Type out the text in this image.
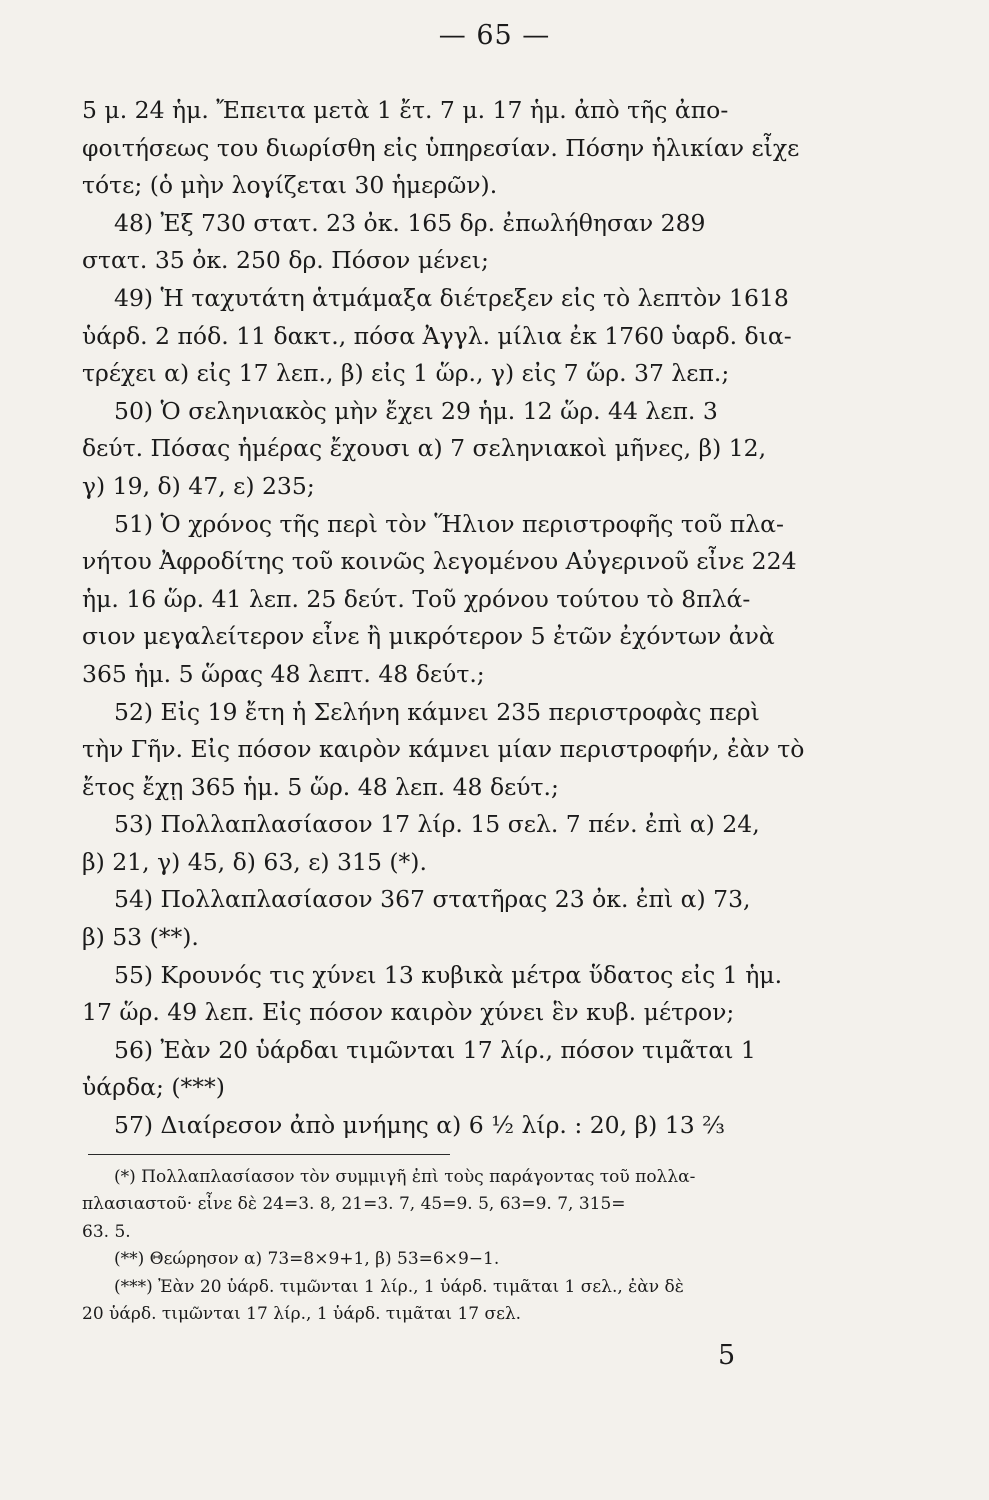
— 65 —
5 μ. 24 ἡμ. Ἔπειτα μετὰ 1 ἔτ. 7 μ. 17 ἡμ. ἀπὸ τῆς ἀπο-
φοιτήσεως του διωρίσθη εἰς ὑπηρεσίαν. Πόσην ἡλικίαν εἶχε
τότε; (ὁ μὴν λογίζεται 30 ἡμερῶν).
48) Ἐξ 730 στατ. 23 ὀκ. 165 δρ. ἐπωλήθησαν 289
στατ. 35 ὀκ. 250 δρ. Πόσον μένει;
49) Ἡ ταχυτάτη ἁτμάμαξα διέτρεξεν εἰς τὸ λεπτὸν 1618
ὑάρδ. 2 πόδ. 11 δακτ., πόσα Ἀγγλ. μίλια ἐκ 1760 ὑαρδ. δια-
τρέχει α) εἰς 17 λεπ., β) εἰς 1 ὥρ., γ) εἰς 7 ὥρ. 37 λεπ.;
50) Ὁ σεληνιακὸς μὴν ἔχει 29 ἡμ. 12 ὥρ. 44 λεπ. 3
δεύτ. Πόσας ἡμέρας ἔχουσι α) 7 σεληνιακοὶ μῆνες, β) 12,
γ) 19, δ) 47, ε) 235;
51) Ὁ χρόνος τῆς περὶ τὸν Ἥλιον περιστροφῆς τοῦ πλα-
νήτου Ἀφροδίτης τοῦ κοινῶς λεγομένου Αὐγερινοῦ εἶνε 224
ἡμ. 16 ὥρ. 41 λεπ. 25 δεύτ. Τοῦ χρόνου τούτου τὸ 8πλά-
σιον μεγαλείτερον εἶνε ἢ μικρότερον 5 ἐτῶν ἐχόντων ἀνὰ
365 ἡμ. 5 ὥρας 48 λεπτ. 48 δεύτ.;
52) Εἰς 19 ἔτη ἡ Σελήνη κάμνει 235 περιστροφὰς περὶ
τὴν Γῆν. Εἰς πόσον καιρὸν κάμνει μίαν περιστροφήν, ἐὰν τὸ
ἔτος ἔχῃ 365 ἡμ. 5 ὥρ. 48 λεπ. 48 δεύτ.;
53) Πολλαπλασίασον 17 λίρ. 15 σελ. 7 πέν. ἐπὶ α) 24,
β) 21, γ) 45, δ) 63, ε) 315 (*).
54) Πολλαπλασίασον 367 στατῆρας 23 ὀκ. ἐπὶ α) 73,
β) 53 (**).
55) Κρουνός τις χύνει 13 κυβικὰ μέτρα ὕδατος εἰς 1 ἡμ.
17 ὥρ. 49 λεπ. Εἰς πόσον καιρὸν χύνει ἓν κυβ. μέτρον;
56) Ἐὰν 20 ὑάρδαι τιμῶνται 17 λίρ., πόσον τιμᾶται 1
ὑάρδα; (***)
57) Διαίρεσον ἀπὸ μνήμης α) 6 ½ λίρ. : 20, β) 13 ⅔
(*) Πολλαπλασίασον τὸν συμμιγῆ ἐπὶ τοὺς παράγοντας τοῦ πολλα-
πλασιαστοῦ· εἶνε δὲ 24=3. 8, 21=3. 7, 45=9. 5, 63=9. 7, 315=
63. 5.
(**) Θεώρησον α) 73=8×9+1, β) 53=6×9−1.
(***) Ἐὰν 20 ὑάρδ. τιμῶνται 1 λίρ., 1 ὑάρδ. τιμᾶται 1 σελ., ἐὰν δὲ
20 ὑάρδ. τιμῶνται 17 λίρ., 1 ὑάρδ. τιμᾶται 17 σελ.
5
